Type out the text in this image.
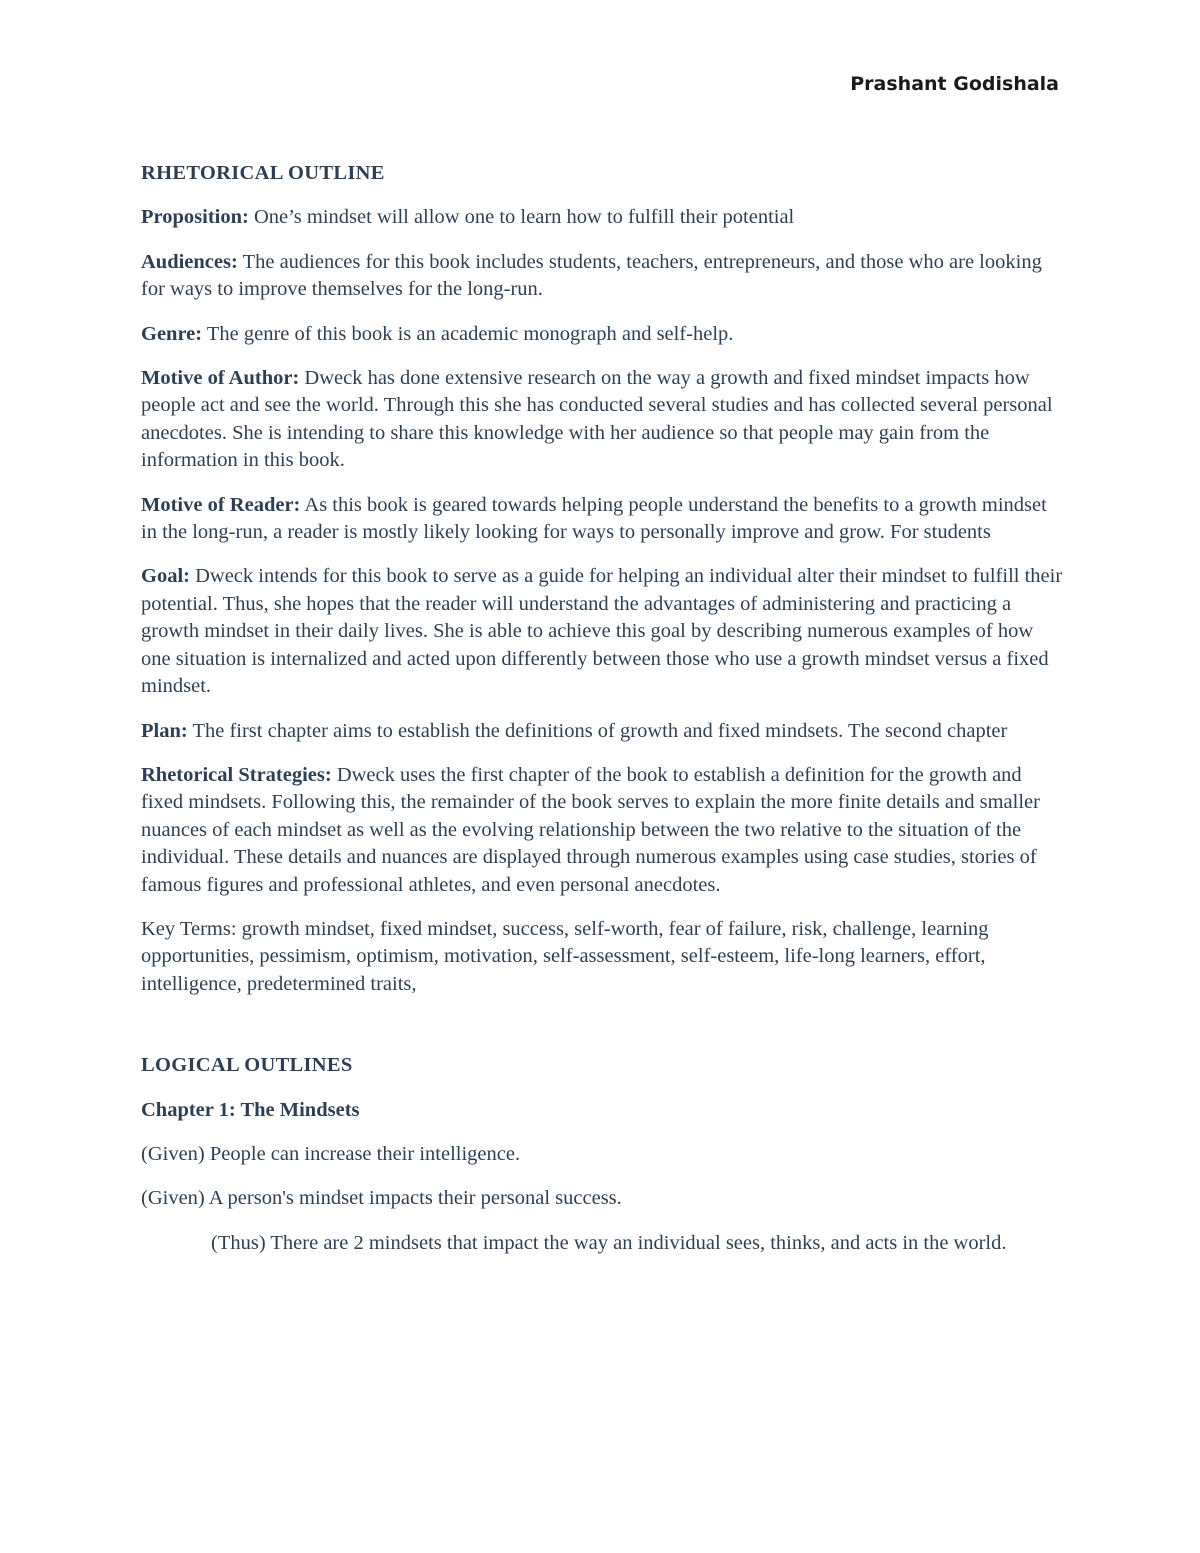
Prashant Godishala
RHETORICAL OUTLINE

Proposition: One’s mindset will allow one to learn how to fulfill their potential

Audiences: The audiences for this book includes students, teachers, entrepreneurs, and those who are looking for ways to improve themselves for the long-run.

Genre: The genre of this book is an academic monograph and self-help.

Motive of Author: Dweck has done extensive research on the way a growth and fixed mindset impacts how people act and see the world. Through this she has conducted several studies and has collected several personal anecdotes. She is intending to share this knowledge with her audience so that people may gain from the information in this book.

Motive of Reader: As this book is geared towards helping people understand the benefits to a growth mindset in the long-run, a reader is mostly likely looking for ways to personally improve and grow. For students

Goal: Dweck intends for this book to serve as a guide for helping an individual alter their mindset to fulfill their potential. Thus, she hopes that the reader will understand the advantages of administering and practicing a growth mindset in their daily lives. She is able to achieve this goal by describing numerous examples of how one situation is internalized and acted upon differently between those who use a growth mindset versus a fixed mindset.

Plan: The first chapter aims to establish the definitions of growth and fixed mindsets. The second chapter

Rhetorical Strategies: Dweck uses the first chapter of the book to establish a definition for the growth and fixed mindsets. Following this, the remainder of the book serves to explain the more finite details and smaller nuances of each mindset as well as the evolving relationship between the two relative to the situation of the individual. These details and nuances are displayed through numerous examples using case studies, stories of famous figures and professional athletes, and even personal anecdotes.

Key Terms: growth mindset, fixed mindset, success, self-worth, fear of failure, risk, challenge, learning opportunities, pessimism, optimism, motivation, self-assessment, self-esteem, life-long learners, effort, intelligence, predetermined traits,

LOGICAL OUTLINES
Chapter 1: The Mindsets

(Given) People can increase their intelligence.

(Given) A person's mindset impacts their personal success.

(Thus) There are 2 mindsets that impact the way an individual sees, thinks, and acts in the world.
